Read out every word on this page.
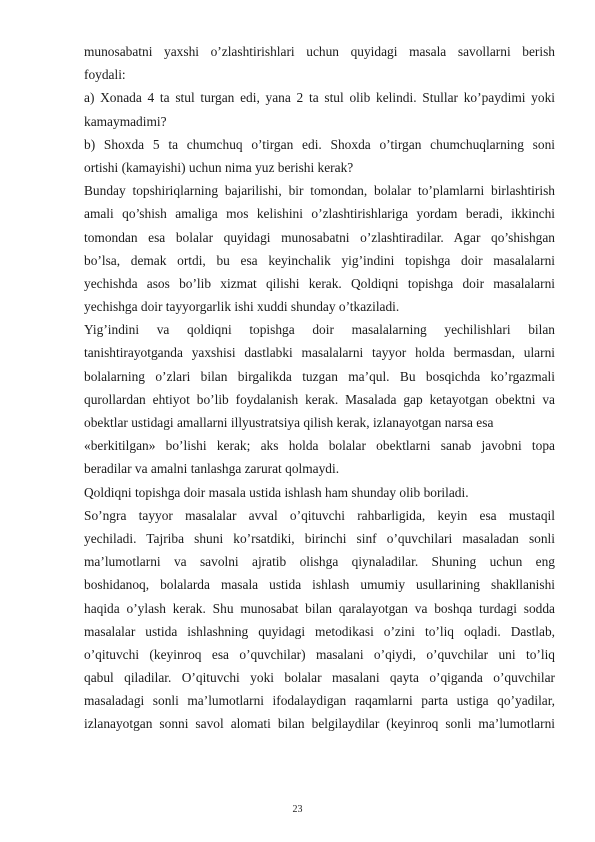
munosabatni yaxshi o’zlashtirishlari uchun quyidagi masala savollarni berish
foydali:
a) Xonada 4 ta stul turgan edi, yana 2 ta stul olib kelindi. Stullar ko’paydimi yoki
kamaymadimi?
b) Shoxda 5 ta chumchuq o’tirgan edi. Shoxda o’tirgan chumchuqlarning soni
ortishi (kamayishi) uchun nima yuz berishi kerak?
Bunday topshiriqlarning bajarilishi, bir tomondan, bolalar to’plamlarni birlashtirish
amali qo’shish amaliga mos kelishini o’zlashtirishlariga yordam beradi, ikkinchi
tomondan esa bolalar quyidagi munosabatni o’zlashtiradilar. Agar qo’shishgan
bo’lsa, demak ortdi, bu esa keyinchalik yig’indini topishga doir masalalarni
yechishda asos bo’lib xizmat qilishi kerak. Qoldiqni topishga doir masalalarni
yechishga doir tayyorgarlik ishi xuddi shunday o’tkaziladi.
Yig’indini va qoldiqni topishga doir masalalarning yechilishlari bilan
tanishtirayotganda yaxshisi dastlabki masalalarni tayyor holda bermasdan, ularni
bolalarning o’zlari bilan birgalikda tuzgan ma’qul. Bu bosqichda ko’rgazmali
qurollardan ehtiyot bo’lib foydalanish kerak. Masalada gap ketayotgan obektni va
obektlar ustidagi amallarni illyustratsiya qilish kerak, izlanayotgan narsa esa
«berkitilgan» bo’lishi kerak; aks holda bolalar obektlarni sanab javobni topa
beradilar va amalni tanlashga zarurat qolmaydi.
Qoldiqni topishga doir masala ustida ishlash ham shunday olib boriladi.
So’ngra tayyor masalalar avval o’qituvchi rahbarligida, keyin esa mustaqil
yechiladi. Tajriba shuni ko’rsatdiki, birinchi sinf o’quvchilari masaladan sonli
ma’lumotlarni va savolni ajratib olishga qiynaladilar. Shuning uchun eng
boshidanoq, bolalarda masala ustida ishlash umumiy usullarining shakllanishi
haqida o’ylash kerak. Shu munosabat bilan qaralayotgan va boshqa turdagi sodda
masalalar ustida ishlashning quyidagi metodikasi o’zini to’liq oqladi. Dastlab,
o’qituvchi (keyinroq esa o’quvchilar) masalani o’qiydi, o’quvchilar uni to’liq
qabul qiladilar. O’qituvchi yoki bolalar masalani qayta o’qiganda o’quvchilar
masaladagi sonli ma’lumotlarni ifodalaydigan raqamlarni parta ustiga qo’yadilar,
izlanayotgan sonni savol alomati bilan belgilaydilar (keyinroq sonli ma’lumotlarni
23
